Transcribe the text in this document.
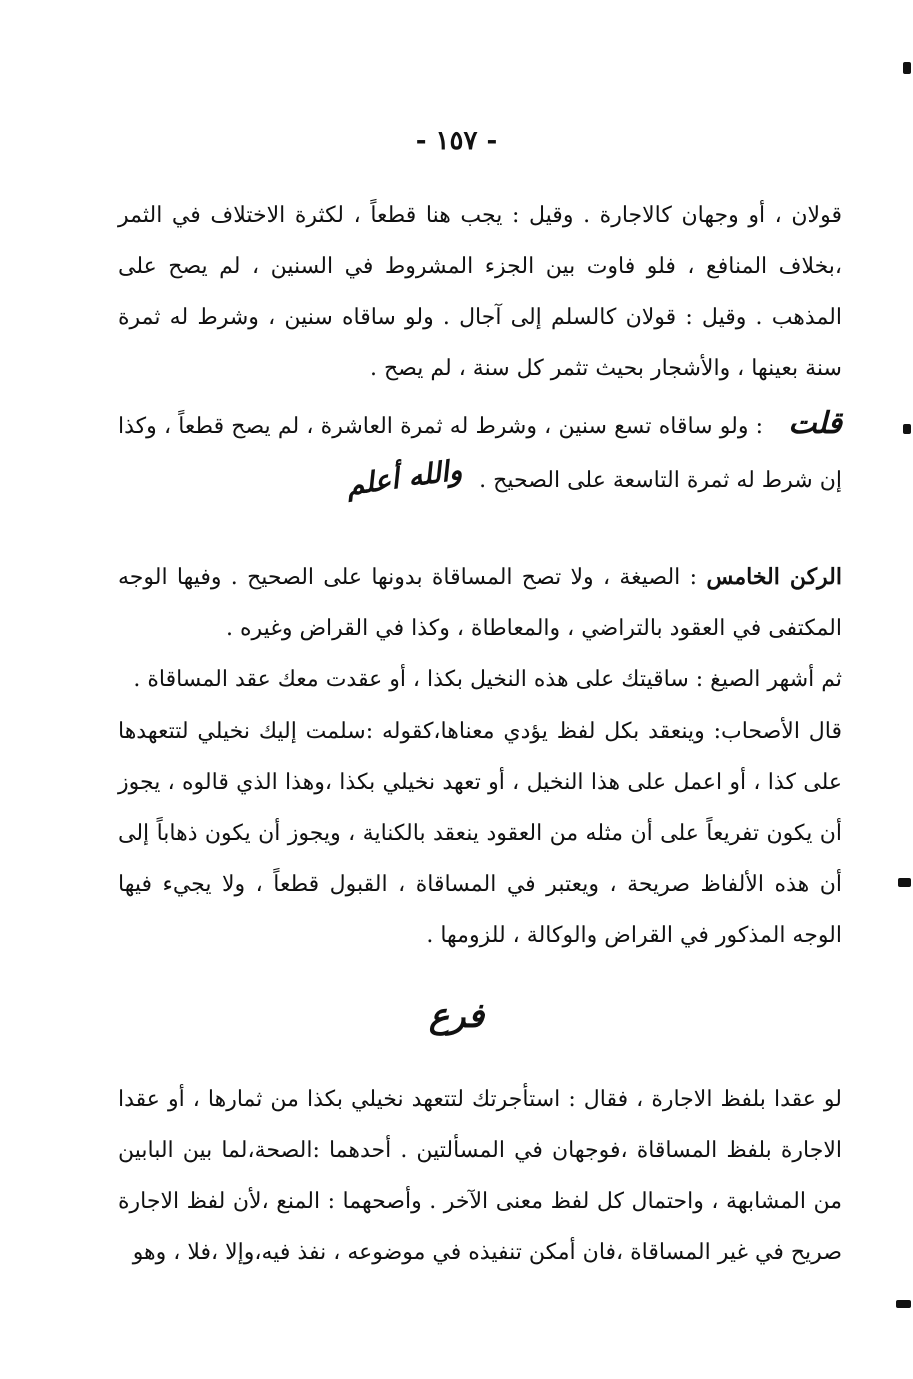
- ١٥٧ -

قولان ، أو وجهان كالاجارة . وقيل : يجب هنا قطعاً ، لكثرة الاختلاف في الثمر ،بخلاف المنافع ، فلو فاوت بين الجزء المشروط في السنين ، لم يصح على المذهب . وقيل : قولان كالسلم إلى آجال . ولو ساقاه سنين ، وشرط له ثمرة سنة بعينها ، والأشجار بحيث تثمر كل سنة ، لم يصح .

قلت : ولو ساقاه تسع سنين ، وشرط له ثمرة العاشرة ، لم يصح قطعاً ، وكذا إن شرط له ثمرة التاسعة على الصحيح . والله أعلم

الركن الخامس : الصيغة ، ولا تصح المساقاة بدونها على الصحيح . وفيها الوجه المكتفى في العقود بالتراضي ، والمعاطاة ، وكذا في القراض وغيره .

ثم أشهر الصيغ : ساقيتك على هذه النخيل بكذا ، أو عقدت معك عقد المساقاة .

قال الأصحاب: وينعقد بكل لفظ يؤدي معناها،كقوله :سلمت إليك نخيلي لتتعهدها على كذا ، أو اعمل على هذا النخيل ، أو تعهد نخيلي بكذا ،وهذا الذي قالوه ، يجوز أن يكون تفريعاً على أن مثله من العقود ينعقد بالكناية ، ويجوز أن يكون ذهاباً إلى أن هذه الألفاظ صريحة ، ويعتبر في المساقاة ، القبول قطعاً ، ولا يجيء فيها الوجه المذكور في القراض والوكالة ، للزومها .

فرع

لو عقدا بلفظ الاجارة ، فقال : استأجرتك لتتعهد نخيلي بكذا من ثمارها ، أو عقدا الاجارة بلفظ المساقاة ،فوجهان في المسألتين . أحدهما :الصحة،لما بين البابين من المشابهة ، واحتمال كل لفظ معنى الآخر . وأصحهما : المنع ،لأن لفظ الاجارة صريح في غير المساقاة ،فان أمكن تنفيذه في موضوعه ، نفذ فيه،وإلا ،فلا ، وهو
